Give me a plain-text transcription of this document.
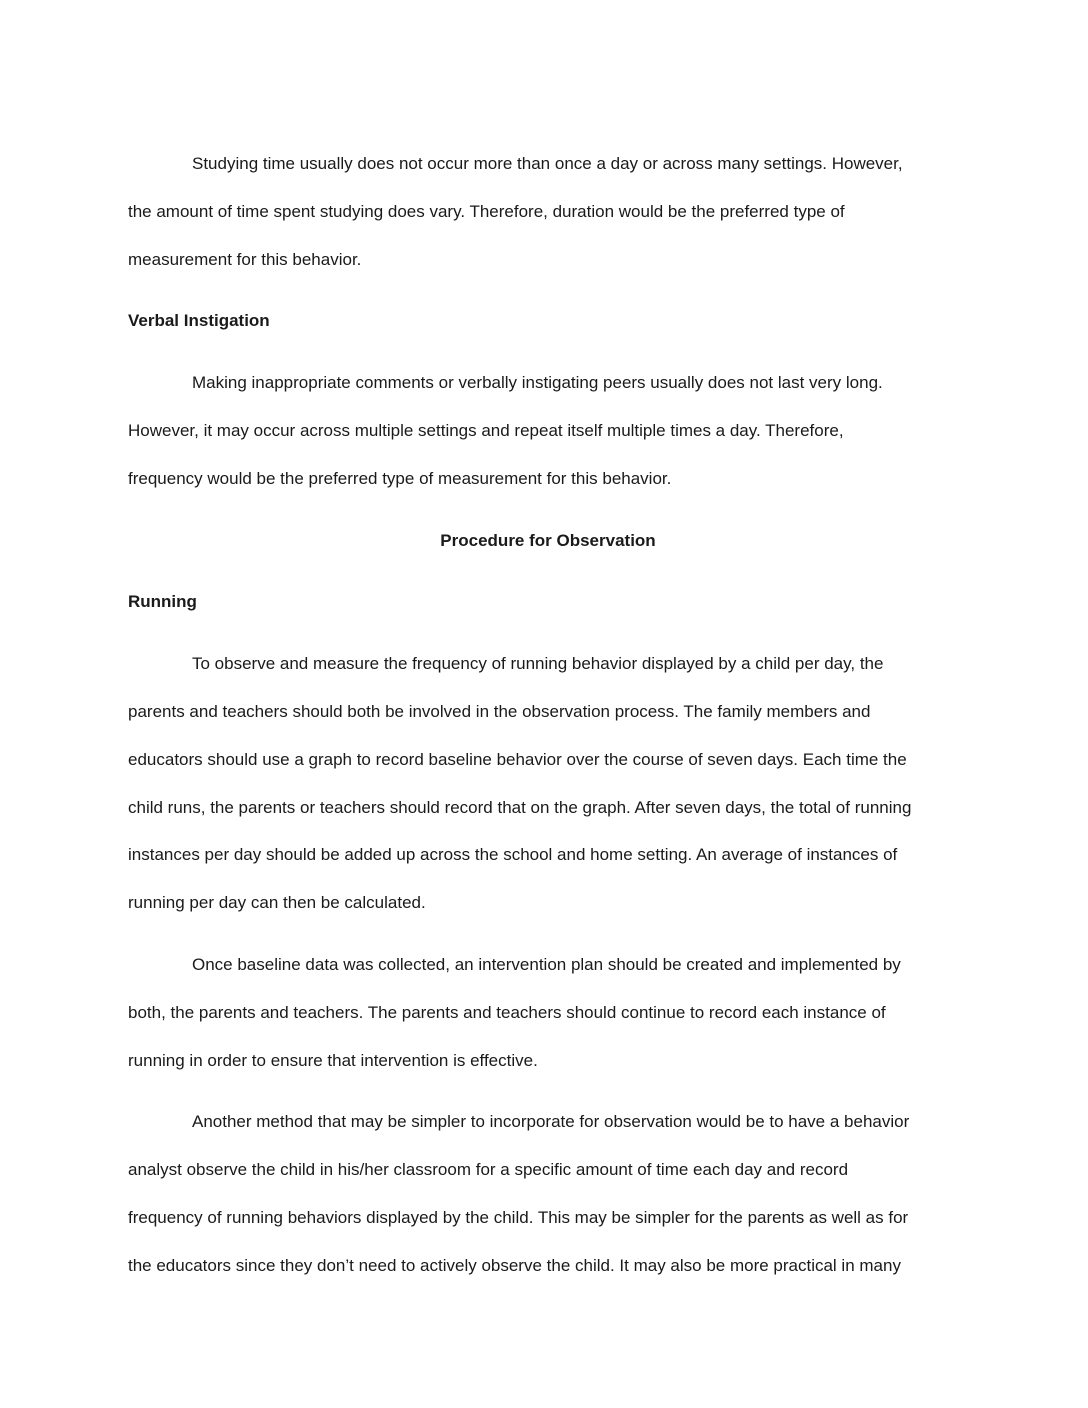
Studying time usually does not occur more than once a day or across many settings. However,
the amount of time spent studying does vary. Therefore, duration would be the preferred type of
measurement for this behavior.

Verbal Instigation

Making inappropriate comments or verbally instigating peers usually does not last very long.
However, it may occur across multiple settings and repeat itself multiple times a day. Therefore,
frequency would be the preferred type of measurement for this behavior.

Procedure for Observation

Running

To observe and measure the frequency of running behavior displayed by a child per day, the
parents and teachers should both be involved in the observation process. The family members and
educators should use a graph to record baseline behavior over the course of seven days. Each time the
child runs, the parents or teachers should record that on the graph. After seven days, the total of running
instances per day should be added up across the school and home setting. An average of instances of
running per day can then be calculated.

Once baseline data was collected, an intervention plan should be created and implemented by
both, the parents and teachers. The parents and teachers should continue to record each instance of
running in order to ensure that intervention is effective.

Another method that may be simpler to incorporate for observation would be to have a behavior
analyst observe the child in his/her classroom for a specific amount of time each day and record
frequency of running behaviors displayed by the child. This may be simpler for the parents as well as for
the educators since they don’t need to actively observe the child. It may also be more practical in many
